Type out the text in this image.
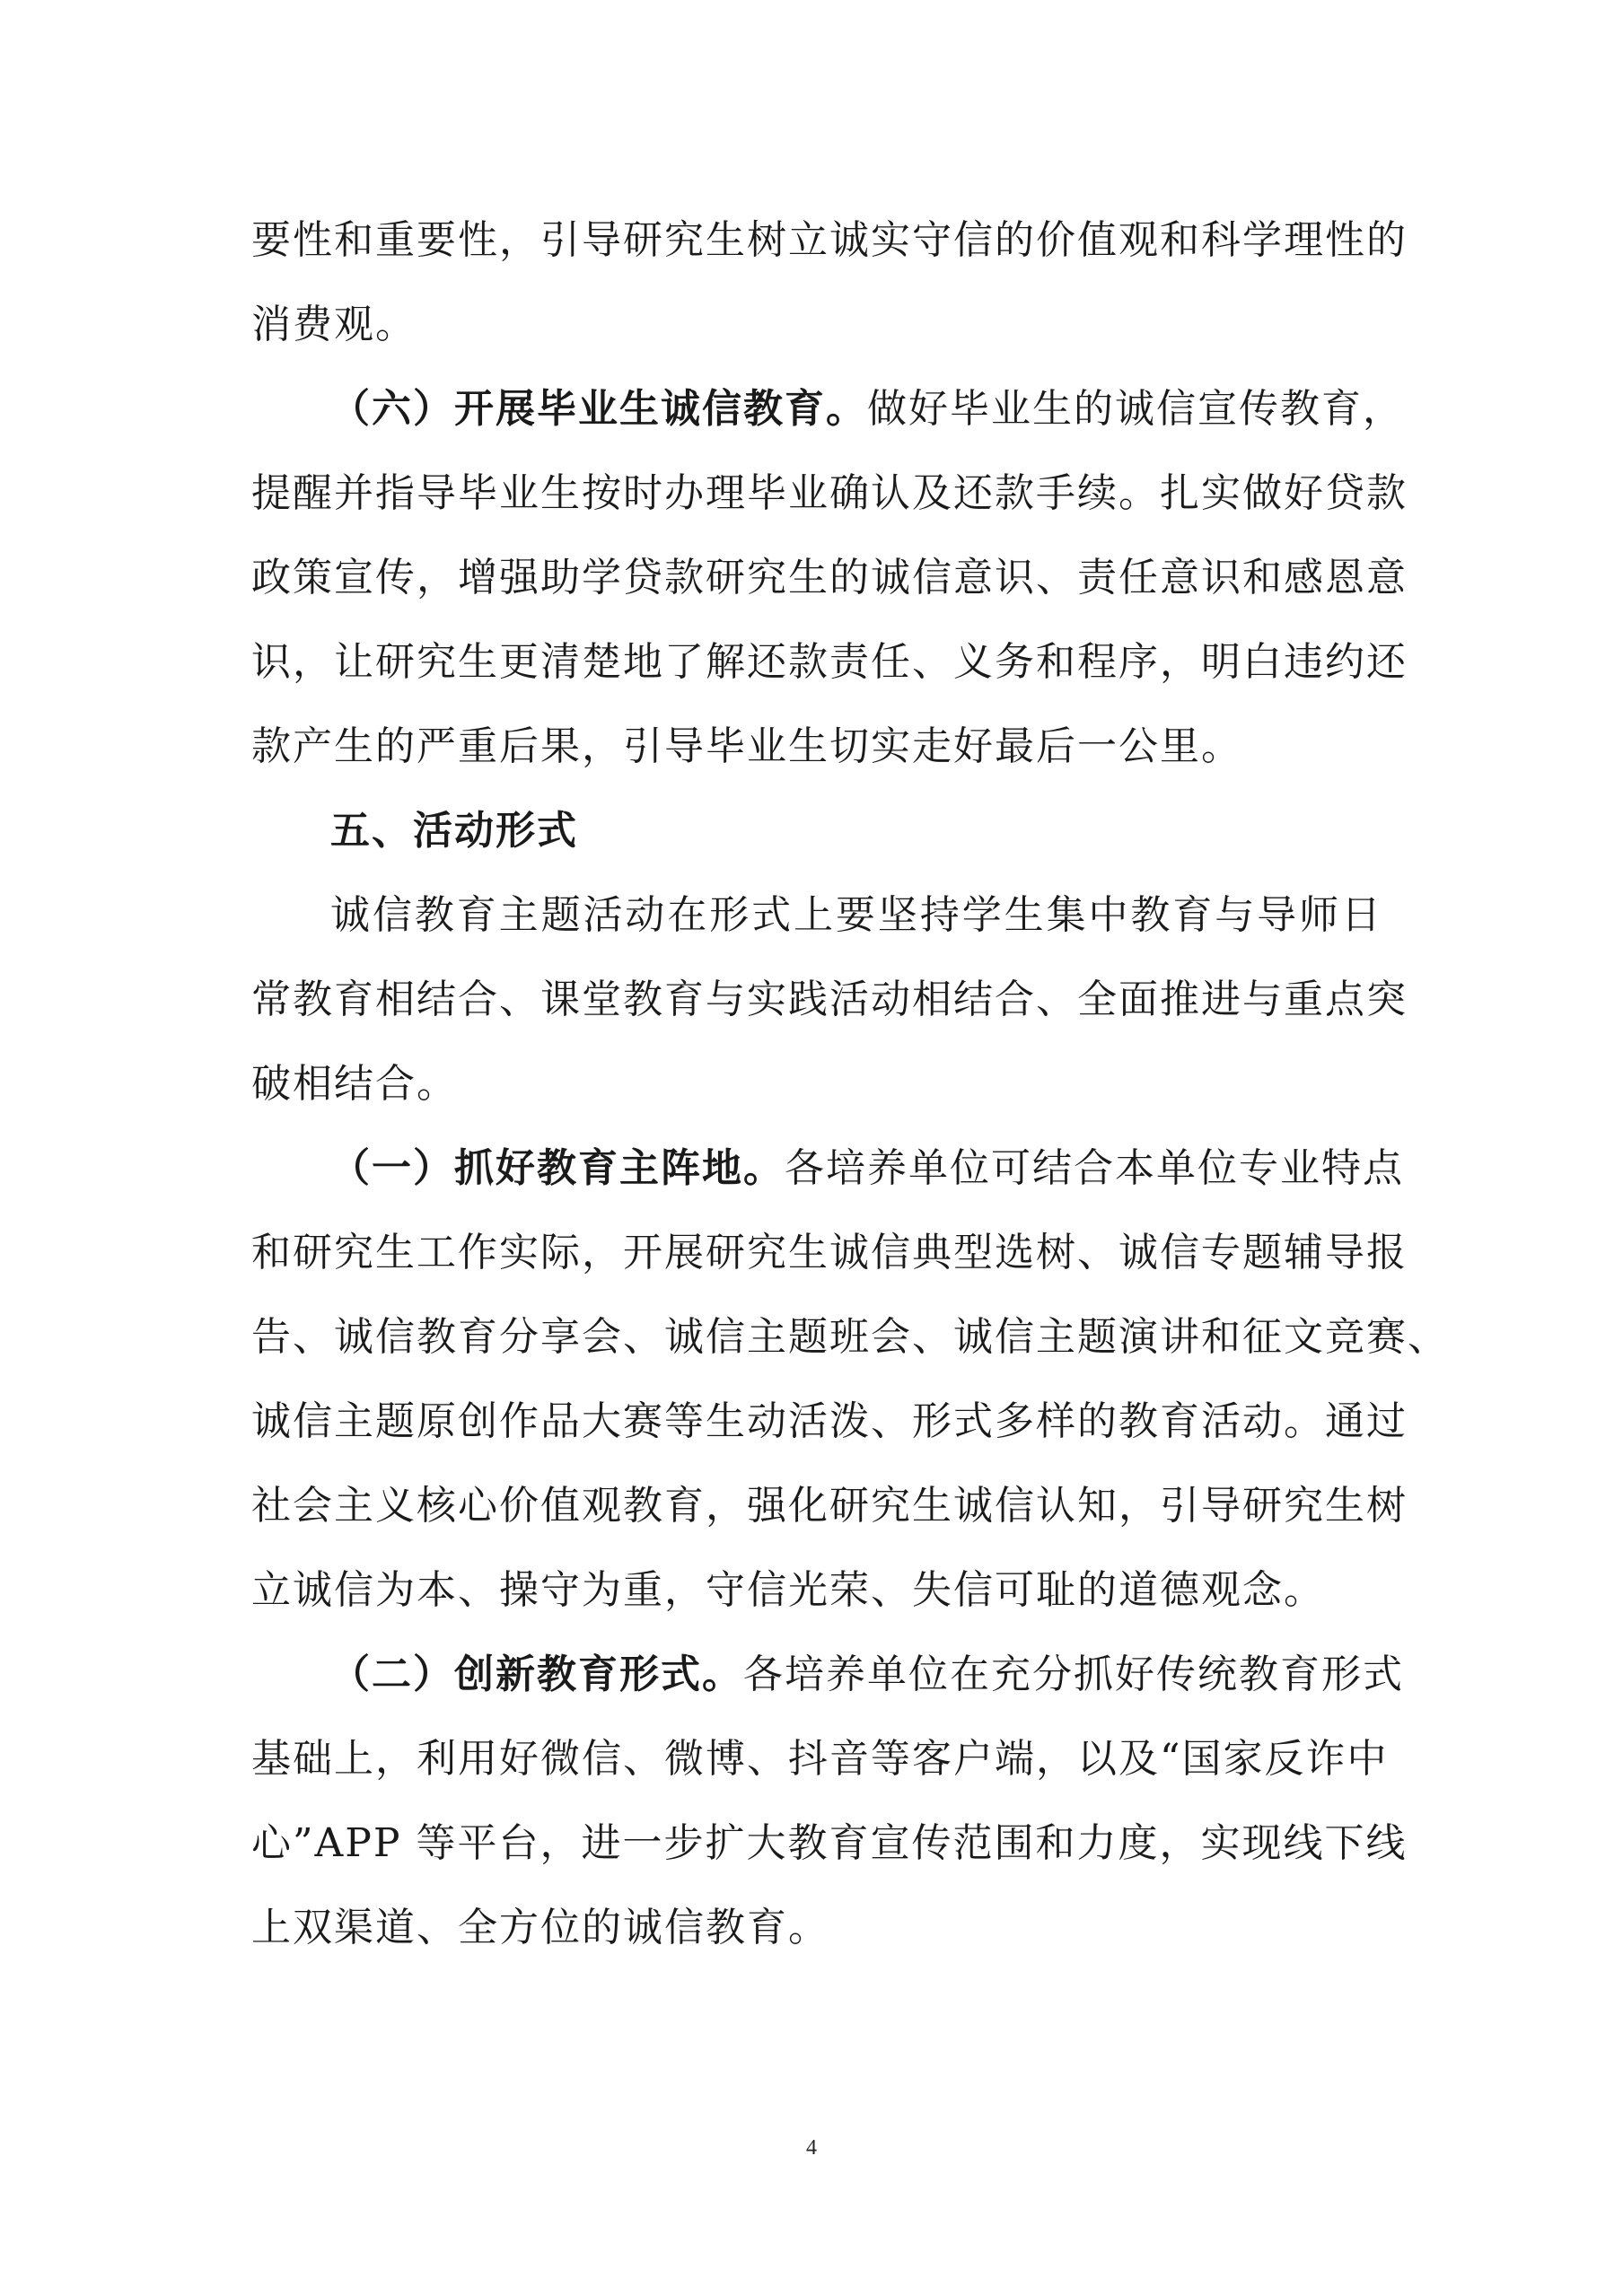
要性和重要性，引导研究生树立诚实守信的价值观和科学理性的
消费观。
（六）开展毕业生诚信教育。做好毕业生的诚信宣传教育，
提醒并指导毕业生按时办理毕业确认及还款手续。扎实做好贷款
政策宣传，增强助学贷款研究生的诚信意识、责任意识和感恩意
识，让研究生更清楚地了解还款责任、义务和程序，明白违约还
款产生的严重后果，引导毕业生切实走好最后一公里。
五、活动形式
诚信教育主题活动在形式上要坚持学生集中教育与导师日
常教育相结合、课堂教育与实践活动相结合、全面推进与重点突
破相结合。
（一）抓好教育主阵地。各培养单位可结合本单位专业特点
和研究生工作实际，开展研究生诚信典型选树、诚信专题辅导报
告、诚信教育分享会、诚信主题班会、诚信主题演讲和征文竞赛、
诚信主题原创作品大赛等生动活泼、形式多样的教育活动。通过
社会主义核心价值观教育，强化研究生诚信认知，引导研究生树
立诚信为本、操守为重，守信光荣、失信可耻的道德观念。
（二）创新教育形式。各培养单位在充分抓好传统教育形式
基础上，利用好微信、微博、抖音等客户端，以及“国家反诈中
心”APP 等平台，进一步扩大教育宣传范围和力度，实现线下线
上双渠道、全方位的诚信教育。
4
